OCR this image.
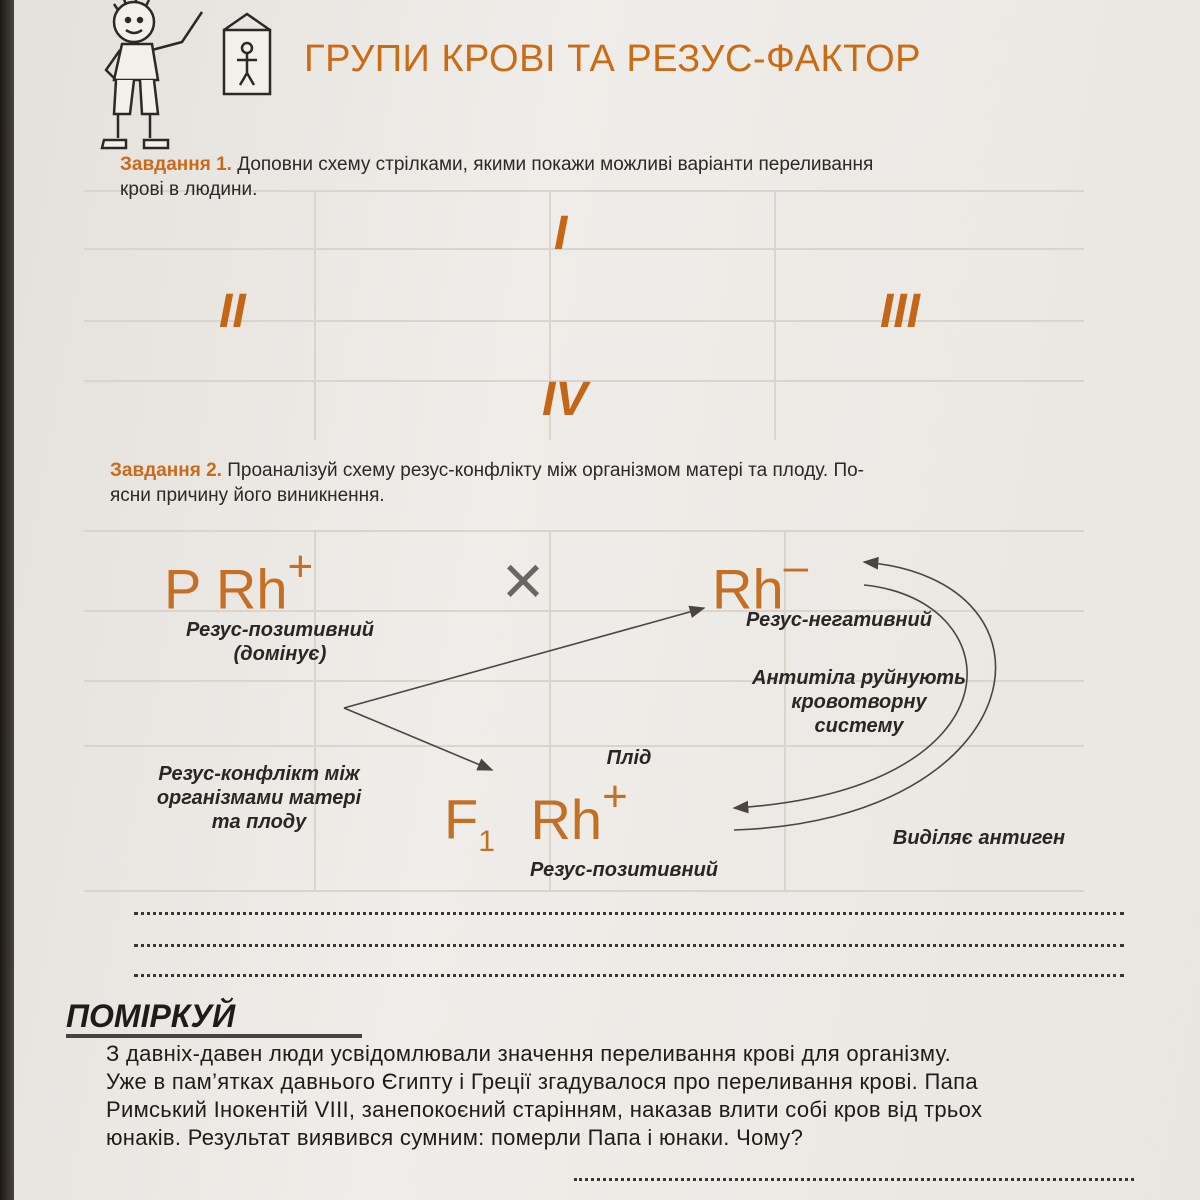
ГРУПИ КРОВІ ТА РЕЗУС-ФАКТОР
Завдання 1. Доповни схему стрілками, якими покажи можливі варіанти переливання
крові в людини.
I
II	III
IV
Завдання 2. Проаналізуй схему резус-конфлікту між організмом матері та плоду. По-
ясни причину його виникнення.
P Rh+	×	Rh–
Резус-позитивний
(домінує)
Резус-негативний
Антитіла руйнують
кровотворну
систему
Плід
$F_1$ Rh+
Резус-конфлікт між
організмами матері
та плоду
Виділяє антиген
Резус-позитивний
ПОМІРКУЙ
З давніх-давен люди усвідомлювали значення переливання крові для організму.
Уже в пам’ятках давнього Єгипту і Греції згадувалося про переливання крові. Папа
Римський Інокентій VIII, занепокоєний старінням, наказав влити собі кров від трьох
юнаків. Результат виявився сумним: померли Папа і юнаки. Чому?
